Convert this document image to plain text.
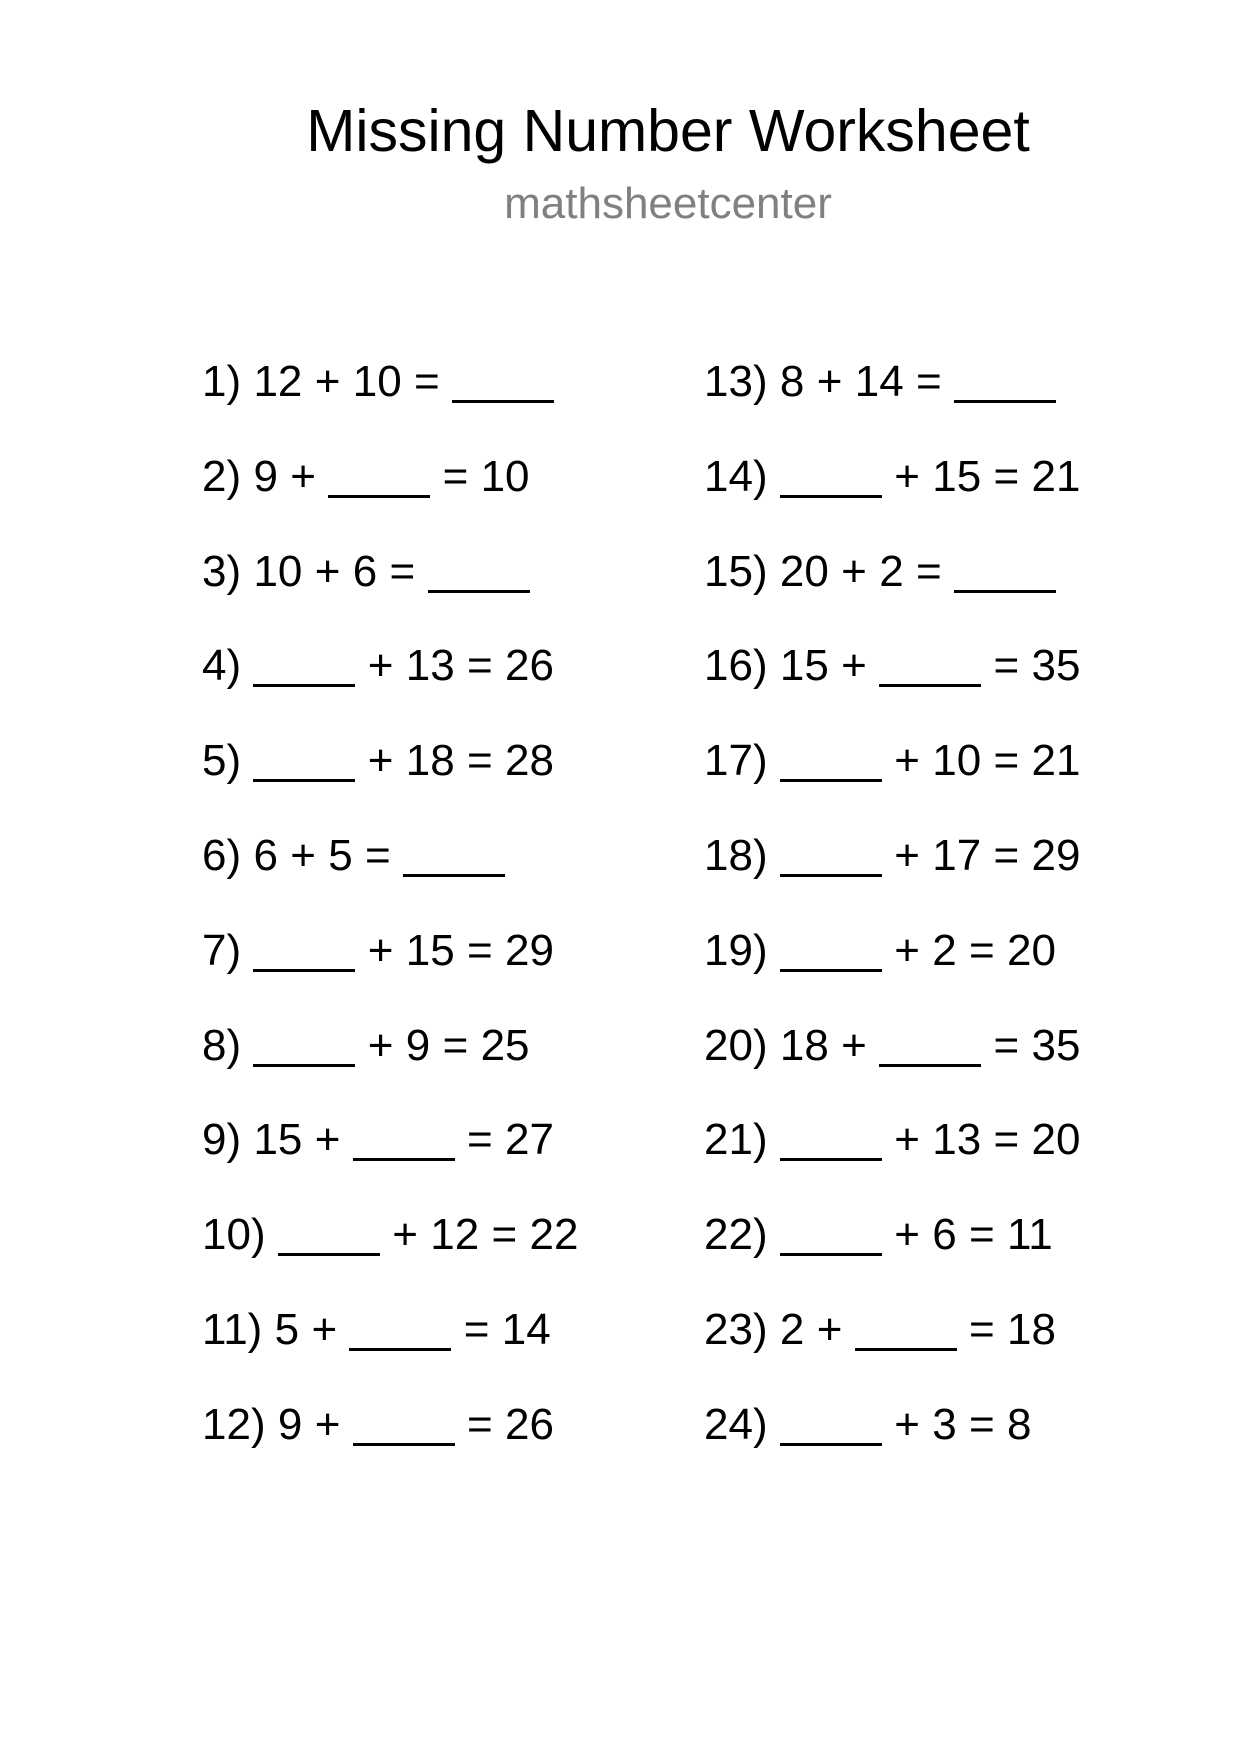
Missing Number Worksheet
mathsheetcenter
1) 12 + 10 =
2) 9 +	= 10
3) 10 + 6 =
4)	+ 13 = 26
5)	+ 18 = 28
6) 6 + 5 =
7)	+ 15 = 29
8)	+ 9 = 25
9) 15 +	= 27
10)	+ 12 = 22
11) 5 +	= 14
12) 9 +	= 26
13) 8 + 14 =
14)	+ 15 = 21
15) 20 + 2 =
16) 15 +	= 35
17)	+ 10 = 21
18)	+ 17 = 29
19)	+ 2 = 20
20) 18 +	= 35
21)	+ 13 = 20
22)	+ 6 = 11
23) 2 +	= 18
24)	+ 3 = 8
